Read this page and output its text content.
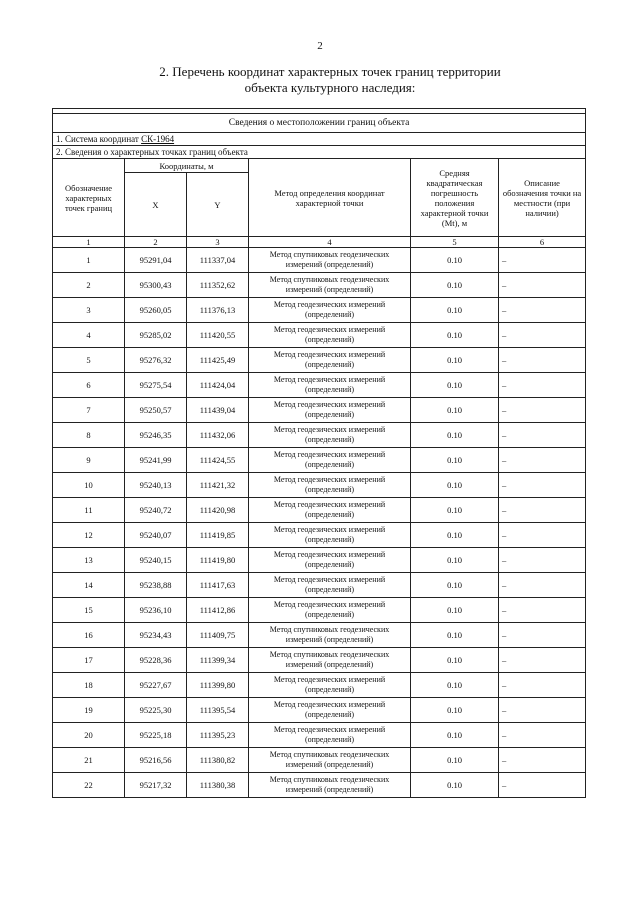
2
2. Перечень координат характерных точек границ территории
объекта культурного наследия:

Сведения о местоположении границ объекта					
1. Система координат СК-1964					
2. Сведения о характерных точках границ объекта					
Обозначение характерных точек границ	Координаты, м		Метод определения координат характерной точки	Средняя квадратическая погрешность положения характерной точки (Mt), м	Описание обозначения точки на местности (при наличии)
	X	Y			
1	2	3	4	5	6
1	95291,04	111337,04	Метод спутниковых геодезических измерений (определений)	0.10	–
2	95300,43	111352,62	Метод спутниковых геодезических измерений (определений)	0.10	–
3	95260,05	111376,13	Метод геодезических измерений (определений)	0.10	–
4	95285,02	111420,55	Метод геодезических измерений (определений)	0.10	–
5	95276,32	111425,49	Метод геодезических измерений (определений)	0.10	–
6	95275,54	111424,04	Метод геодезических измерений (определений)	0.10	–
7	95250,57	111439,04	Метод геодезических измерений (определений)	0.10	–
8	95246,35	111432,06	Метод геодезических измерений (определений)	0.10	–
9	95241,99	111424,55	Метод геодезических измерений (определений)	0.10	–
10	95240,13	111421,32	Метод геодезических измерений (определений)	0.10	–
11	95240,72	111420,98	Метод геодезических измерений (определений)	0.10	–
12	95240,07	111419,85	Метод геодезических измерений (определений)	0.10	–
13	95240,15	111419,80	Метод геодезических измерений (определений)	0.10	–
14	95238,88	111417,63	Метод геодезических измерений (определений)	0.10	–
15	95236,10	111412,86	Метод геодезических измерений (определений)	0.10	–
16	95234,43	111409,75	Метод спутниковых геодезических измерений (определений)	0.10	–
17	95228,36	111399,34	Метод спутниковых геодезических измерений (определений)	0.10	–
18	95227,67	111399,80	Метод геодезических измерений (определений)	0.10	–
19	95225,30	111395,54	Метод геодезических измерений (определений)	0.10	–
20	95225,18	111395,23	Метод геодезических измерений (определений)	0.10	–
21	95216,56	111380,82	Метод спутниковых геодезических измерений (определений)	0.10	–
22	95217,32	111380,38	Метод спутниковых геодезических измерений (определений)	0.10	–
